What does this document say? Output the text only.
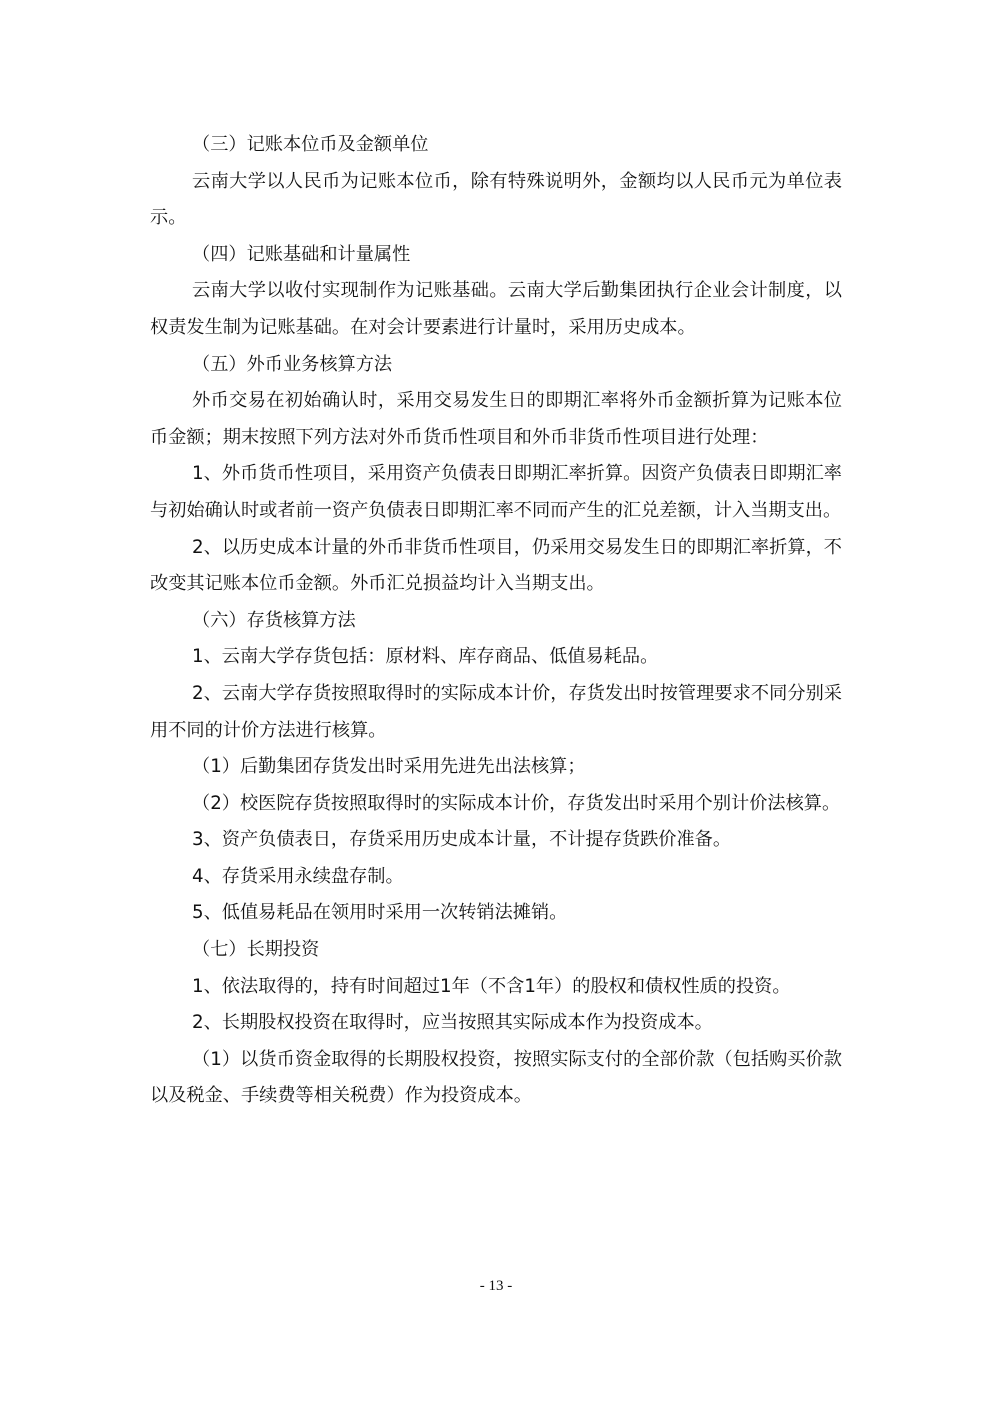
（三）记账本位币及金额单位

云南大学以人民币为记账本位币，除有特殊说明外，金额均以人民币元为单位表示。

（四）记账基础和计量属性

云南大学以收付实现制作为记账基础。云南大学后勤集团执行企业会计制度，以权责发生制为记账基础。在对会计要素进行计量时，采用历史成本。

（五）外币业务核算方法

外币交易在初始确认时，采用交易发生日的即期汇率将外币金额折算为记账本位币金额；期末按照下列方法对外币货币性项目和外币非货币性项目进行处理：

1、外币货币性项目，采用资产负债表日即期汇率折算。因资产负债表日即期汇率与初始确认时或者前一资产负债表日即期汇率不同而产生的汇兑差额，计入当期支出。

2、以历史成本计量的外币非货币性项目，仍采用交易发生日的即期汇率折算，不改变其记账本位币金额。外币汇兑损益均计入当期支出。

（六）存货核算方法

1、云南大学存货包括：原材料、库存商品、低值易耗品。

2、云南大学存货按照取得时的实际成本计价，存货发出时按管理要求不同分别采用不同的计价方法进行核算。

（1）后勤集团存货发出时采用先进先出法核算；

（2）校医院存货按照取得时的实际成本计价，存货发出时采用个别计价法核算。

3、资产负债表日，存货采用历史成本计量，不计提存货跌价准备。

4、存货采用永续盘存制。

5、低值易耗品在领用时采用一次转销法摊销。

（七）长期投资

1、依法取得的，持有时间超过1年（不含1年）的股权和债权性质的投资。

2、长期股权投资在取得时，应当按照其实际成本作为投资成本。

（1）以货币资金取得的长期股权投资，按照实际支付的全部价款（包括购买价款以及税金、手续费等相关税费）作为投资成本。

- 13 -
